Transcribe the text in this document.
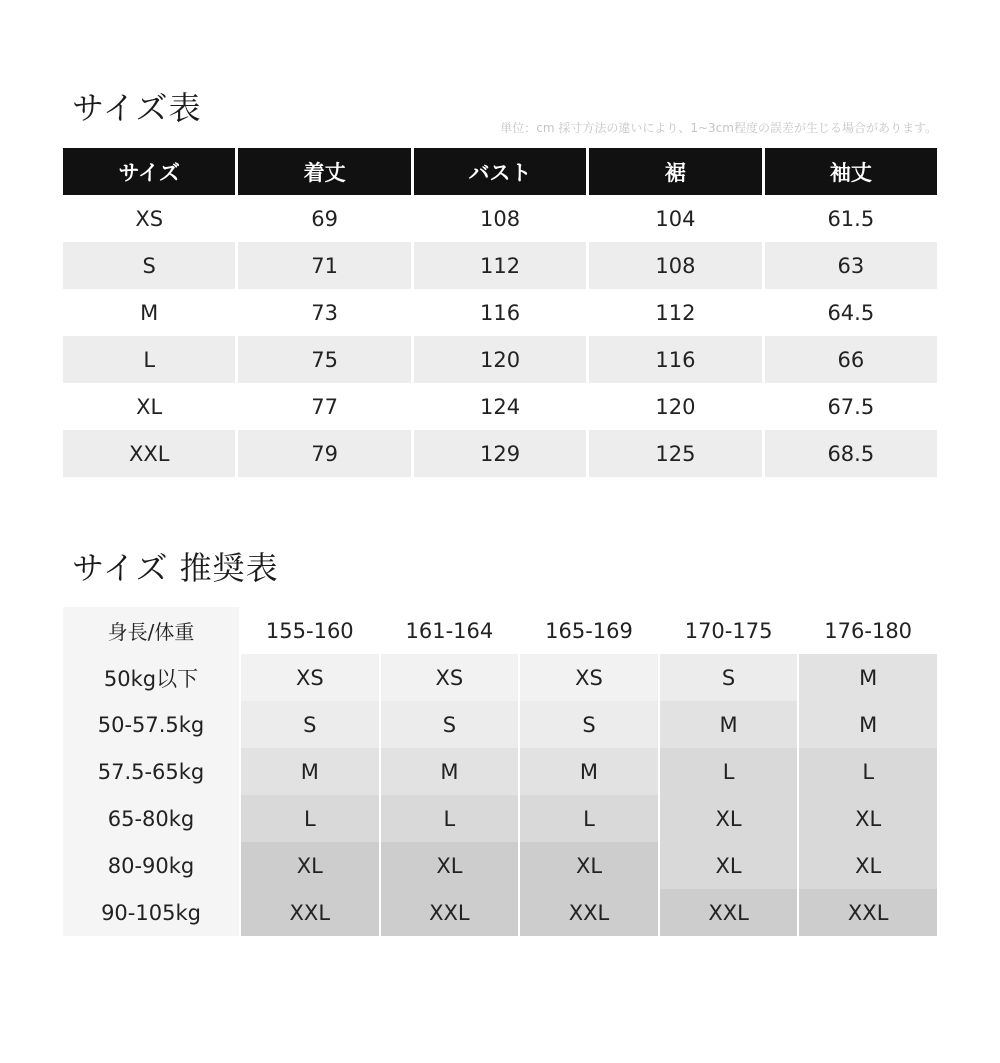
サイズ表
単位：cm 採寸方法の違いにより、1~3cm程度の誤差が生じる場合があります。
サイズ	着丈	バスト	裾	袖丈
XS	69	108	104	61.5
S	71	112	108	63
M	73	116	112	64.5
L	75	120	116	66
XL	77	124	120	67.5
XXL	79	129	125	68.5
サイズ 推奨表
身長/体重	155-160	161-164	165-169	170-175	176-180
50kg以下	XS	XS	XS	S	M
50-57.5kg	S	S	S	M	M
57.5-65kg	M	M	M	L	L
65-80kg	L	L	L	XL	XL
80-90kg	XL	XL	XL	XL	XL
90-105kg	XXL	XXL	XXL	XXL	XXL
